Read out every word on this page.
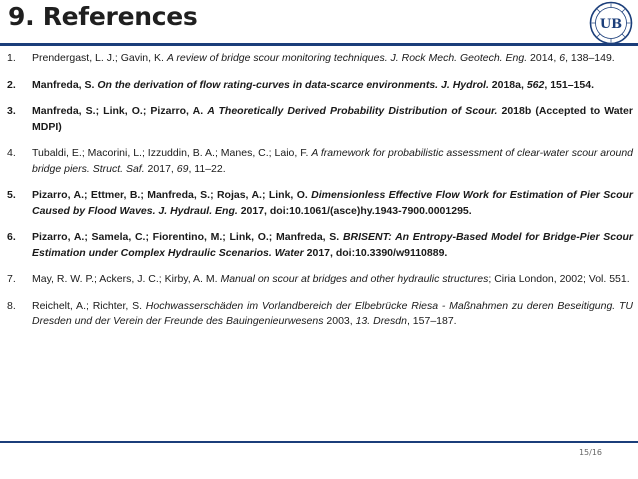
9. References	UB
1. Prendergast, L. J.; Gavin, K. A review of bridge scour monitoring techniques. J. Rock Mech. Geotech. Eng. 2014, 6, 138–149.
2. Manfreda, S. On the derivation of flow rating-curves in data-scarce environments. J. Hydrol. 2018a, 562, 151–154.
3. Manfreda, S.; Link, O.; Pizarro, A. A Theoretically Derived Probability Distribution of Scour. 2018b (Accepted to Water MDPI)
4. Tubaldi, E.; Macorini, L.; Izzuddin, B. A.; Manes, C.; Laio, F. A framework for probabilistic assessment of clear-water scour around bridge piers. Struct. Saf. 2017, 69, 11–22.
5. Pizarro, A.; Ettmer, B.; Manfreda, S.; Rojas, A.; Link, O. Dimensionless Effective Flow Work for Estimation of Pier Scour Caused by Flood Waves. J. Hydraul. Eng. 2017, doi:10.1061/(asce)hy.1943-7900.0001295.
6. Pizarro, A.; Samela, C.; Fiorentino, M.; Link, O.; Manfreda, S. BRISENT: An Entropy-Based Model for Bridge-Pier Scour Estimation under Complex Hydraulic Scenarios. Water 2017, doi:10.3390/w9110889.
7. May, R. W. P.; Ackers, J. C.; Kirby, A. M. Manual on scour at bridges and other hydraulic structures; Ciria London, 2002; Vol. 551.
8. Reichelt, A.; Richter, S. Hochwasserschäden im Vorlandbereich der Elbebrücke Riesa - Maßnahmen zu deren Beseitigung. TU Dresden und der Verein der Freunde des Bauingenieurwesens 2003, 13. Dresdn, 157–187.
15/16
